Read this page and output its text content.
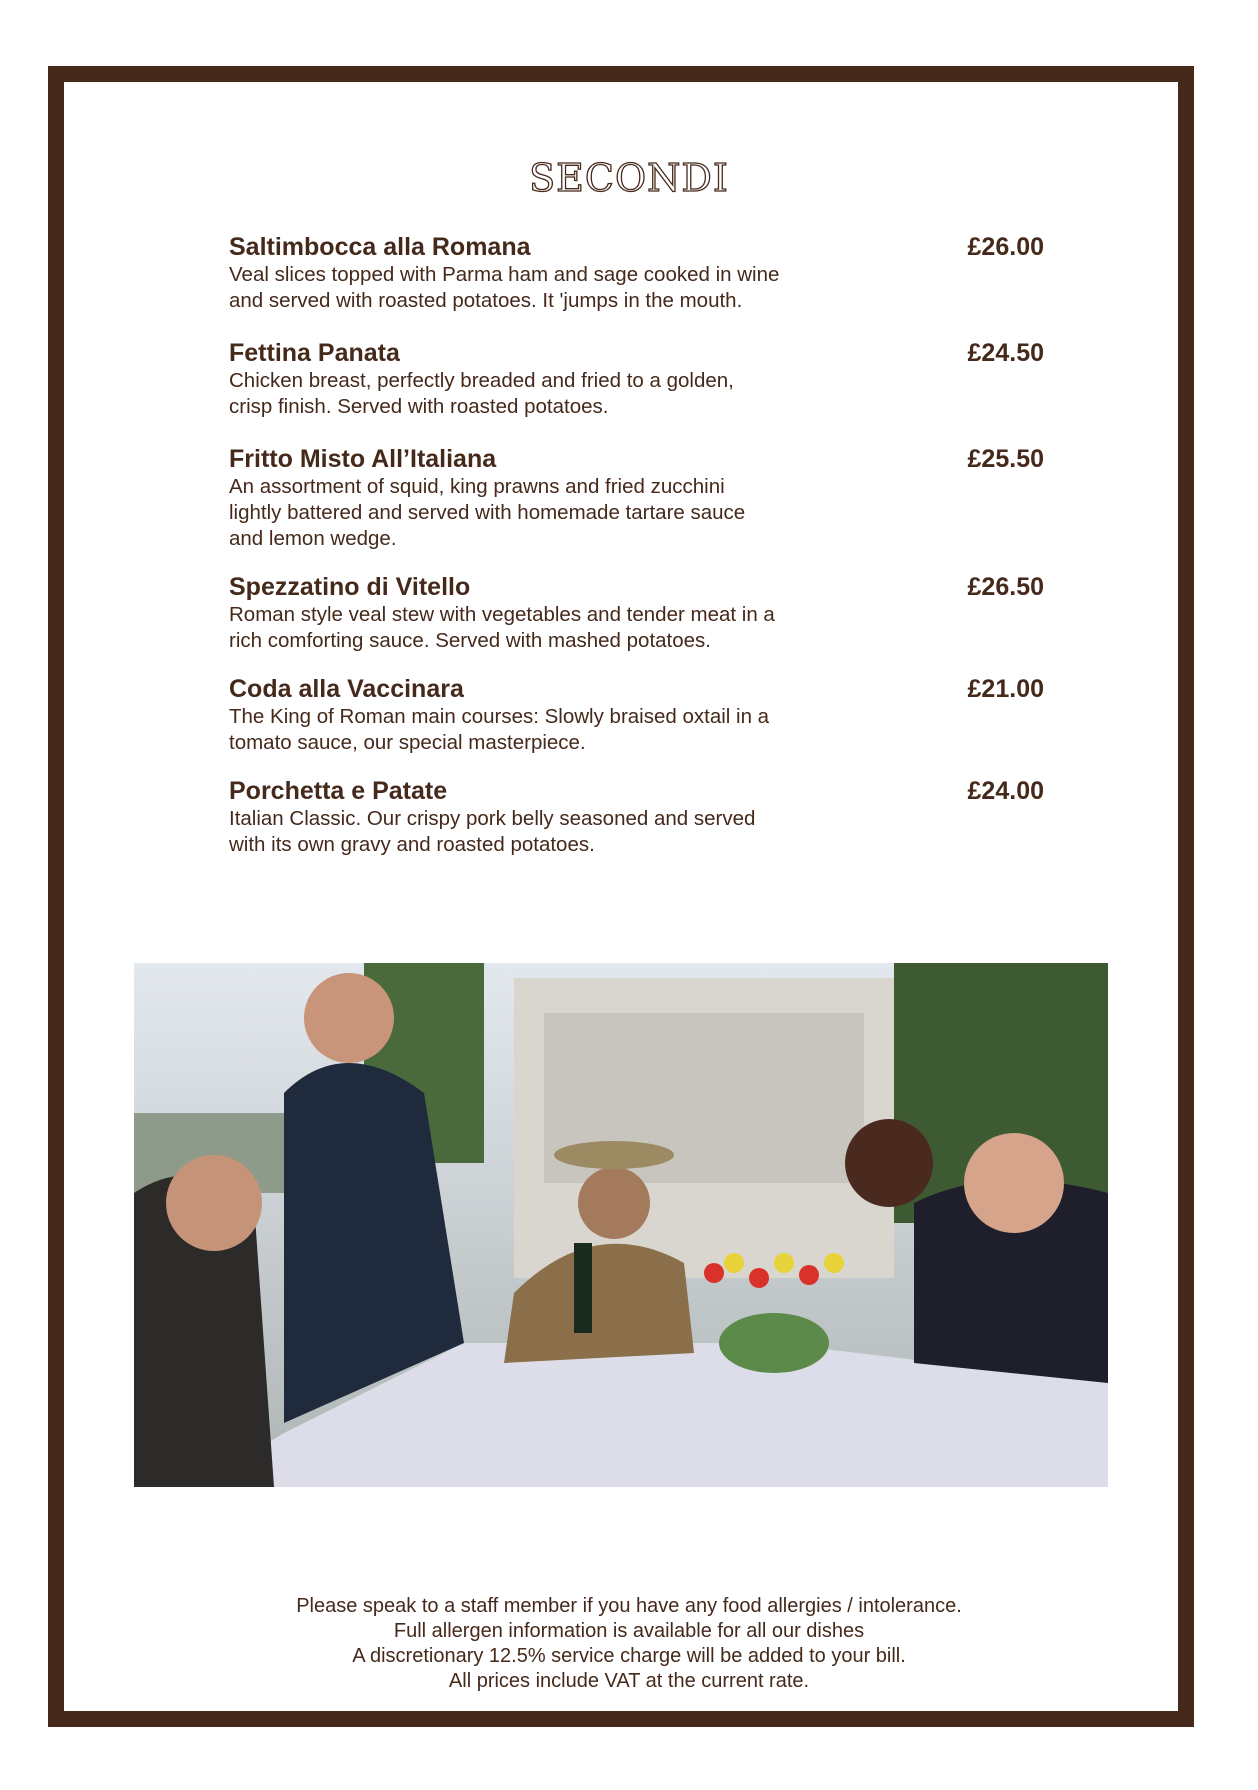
SECONDI
Saltimbocca alla Romana	£26.00
Veal slices topped with Parma ham and sage cooked in wine
and served with roasted potatoes. It 'jumps in the mouth.
Fettina Panata	£24.50
Chicken breast, perfectly breaded and fried to a golden,
crisp finish. Served with roasted potatoes.
Fritto Misto All’Italiana	£25.50
An assortment of squid, king prawns and fried zucchini
lightly battered and served with homemade tartare sauce
and lemon wedge.
Spezzatino di Vitello	£26.50
Roman style veal stew with vegetables and tender meat in a
rich comforting sauce. Served with mashed potatoes.
Coda alla Vaccinara	£21.00
The King of Roman main courses: Slowly braised oxtail in a
tomato sauce, our special masterpiece.
Porchetta e Patate	£24.00
Italian Classic. Our crispy pork belly seasoned and served
with its own gravy and roasted potatoes.
Please speak to a staff member if you have any food allergies / intolerance.
Full allergen information is available for all our dishes
A discretionary 12.5% service charge will be added to your bill.
All prices include VAT at the current rate.
